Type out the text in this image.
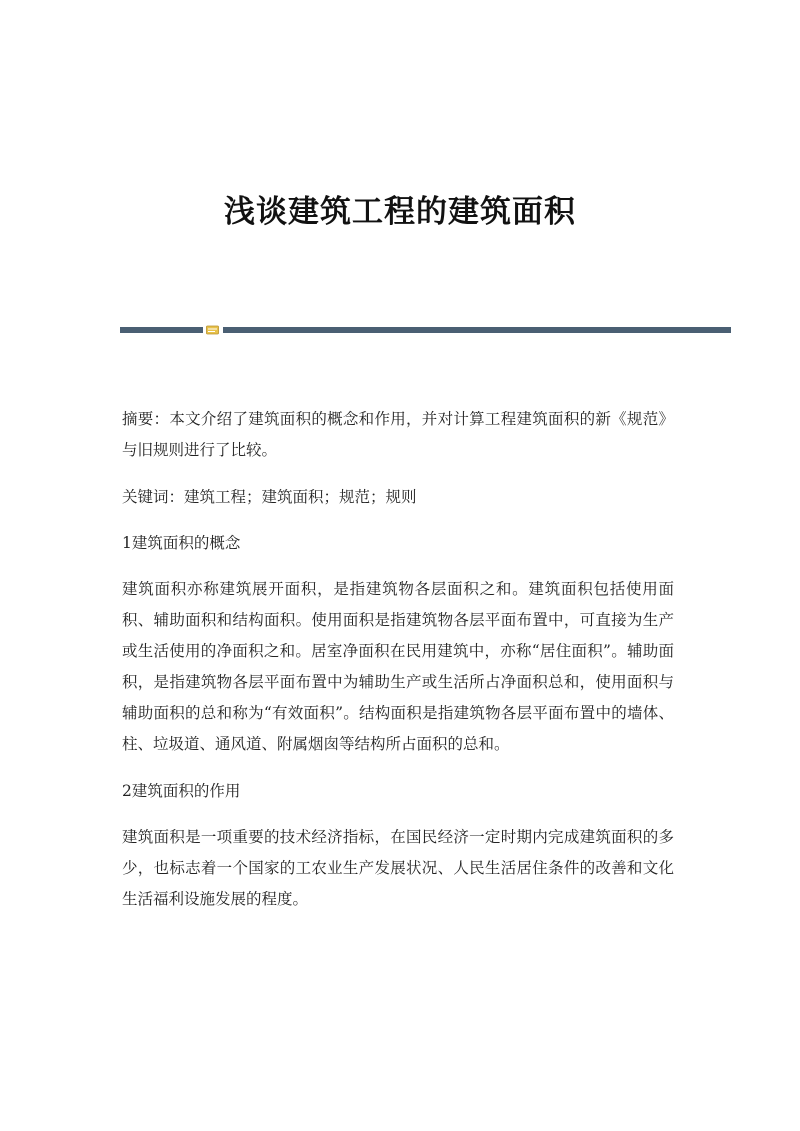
浅谈建筑工程的建筑面积

摘要：本文介绍了建筑面积的概念和作用，并对计算工程建筑面积的新《规范》与旧规则进行了比较。

关键词：建筑工程；建筑面积；规范；规则

1建筑面积的概念

建筑面积亦称建筑展开面积，是指建筑物各层面积之和。建筑面积包括使用面积、辅助面积和结构面积。使用面积是指建筑物各层平面布置中，可直接为生产或生活使用的净面积之和。居室净面积在民用建筑中，亦称“居住面积”。辅助面积，是指建筑物各层平面布置中为辅助生产或生活所占净面积总和，使用面积与辅助面积的总和称为“有效面积”。结构面积是指建筑物各层平面布置中的墙体、柱、垃圾道、通风道、附属烟囱等结构所占面积的总和。

2建筑面积的作用

建筑面积是一项重要的技术经济指标，在国民经济一定时期内完成建筑面积的多少，也标志着一个国家的工农业生产发展状况、人民生活居住条件的改善和文化生活福利设施发展的程度。
